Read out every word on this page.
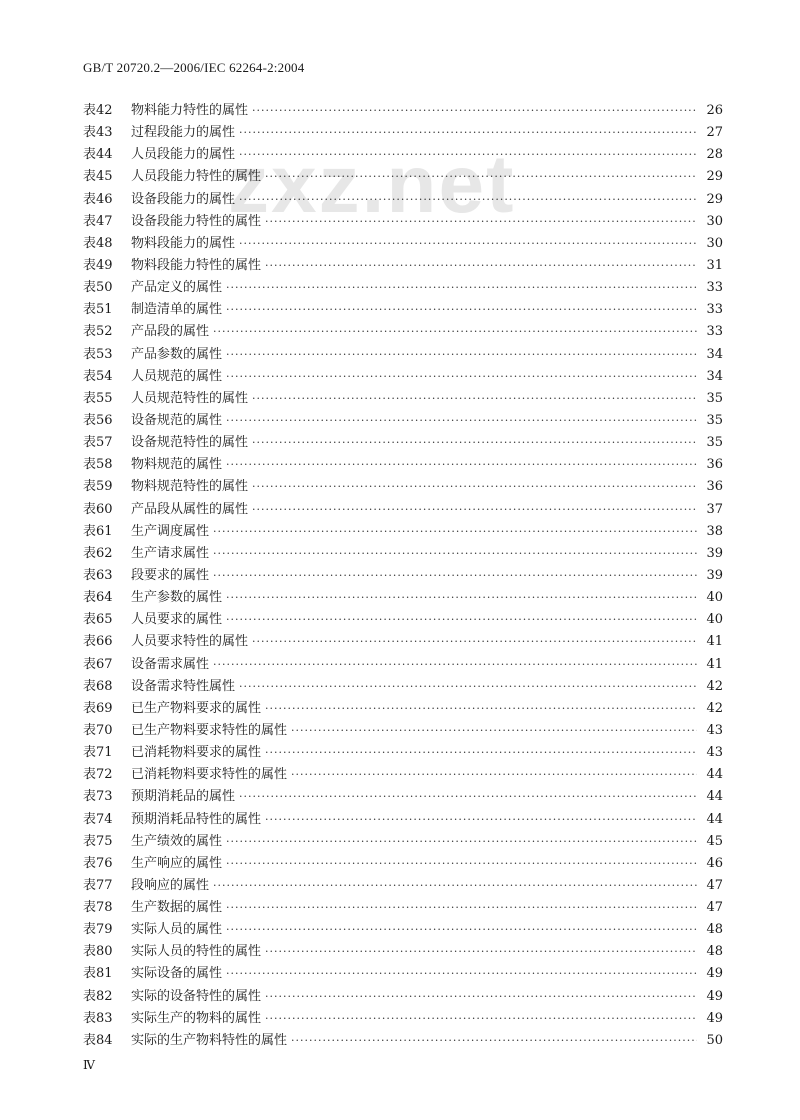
GB/T 20720.2—2006/IEC 62264-2:2004
zxz.net
表42	物料能力特性的属性 ·····	26
表43	过程段能力的属性 ·····	27
表44	人员段能力的属性 ·····	28
表45	人员段能力特性的属性 ·····	29
表46	设备段能力的属性 ·····	29
表47	设备段能力特性的属性 ·····	30
表48	物料段能力的属性 ·····	30
表49	物料段能力特性的属性 ·····	31
表50	产品定义的属性 ·····	33
表51	制造清单的属性 ·····	33
表52	产品段的属性 ·····	33
表53	产品参数的属性 ·····	34
表54	人员规范的属性 ·····	34
表55	人员规范特性的属性 ·····	35
表56	设备规范的属性 ·····	35
表57	设备规范特性的属性 ·····	35
表58	物料规范的属性 ·····	36
表59	物料规范特性的属性 ·····	36
表60	产品段从属性的属性 ·····	37
表61	生产调度属性 ·····	38
表62	生产请求属性 ·····	39
表63	段要求的属性 ·····	39
表64	生产参数的属性 ·····	40
表65	人员要求的属性 ·····	40
表66	人员要求特性的属性 ·····	41
表67	设备需求属性 ·····	41
表68	设备需求特性属性 ·····	42
表69	已生产物料要求的属性 ·····	42
表70	已生产物料要求特性的属性 ·····	43
表71	已消耗物料要求的属性 ·····	43
表72	已消耗物料要求特性的属性 ·····	44
表73	预期消耗品的属性 ·····	44
表74	预期消耗品特性的属性 ·····	44
表75	生产绩效的属性 ·····	45
表76	生产响应的属性 ·····	46
表77	段响应的属性 ·····	47
表78	生产数据的属性 ·····	47
表79	实际人员的属性 ·····	48
表80	实际人员的特性的属性 ·····	48
表81	实际设备的属性 ·····	49
表82	实际的设备特性的属性 ·····	49
表83	实际生产的物料的属性 ·····	49
表84	实际的生产物料特性的属性 ·····	50
Ⅳ
